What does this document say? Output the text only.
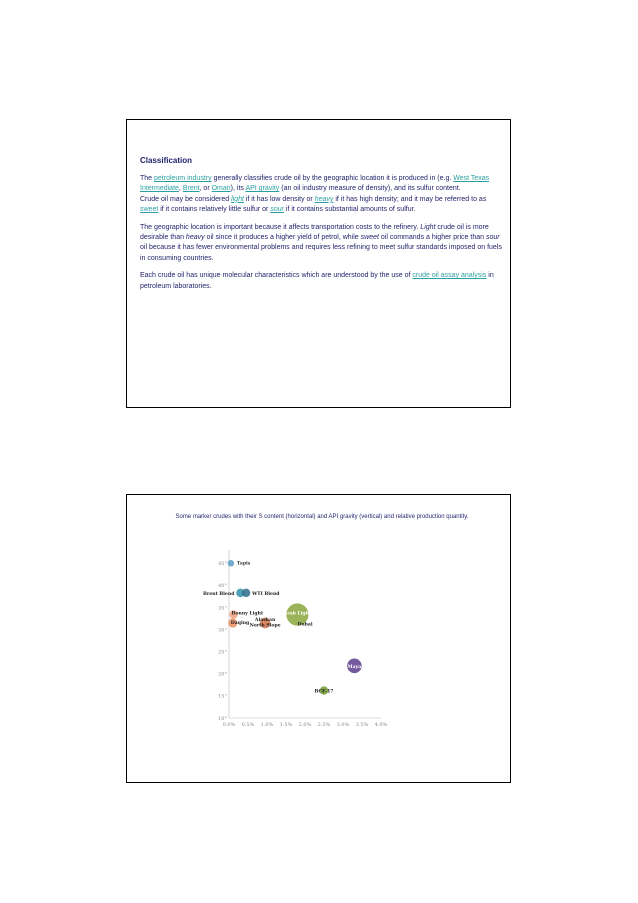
Classification

The petroleum industry generally classifies crude oil by the geographic location it is produced in (e.g. West Texas Intermediate, Brent, or Oman), its API gravity (an oil industry measure of density), and its sulfur content.

Crude oil may be considered light if it has low density or heavy if it has high density; and it may be referred to as sweet if it contains relatively little sulfur or sour if it contains substantial amounts of sulfur.

The geographic location is important because it affects transportation costs to the refinery. Light crude oil is more desirable than heavy oil since it produces a higher yield of petrol, while sweet oil commands a higher price than sour oil because it has fewer environmental problems and requires less refining to meet sulfur standards imposed on fuels in consuming countries.

Each crude oil has unique molecular characteristics which are understood by the use of crude oil assay analysis in petroleum laboratories.

Some marker crudes with their S content (horizontal) and API gravity (vertical) and relative production quantity.
0.0% 0.5% 1.0% 1.5% 2.0% 2.5% 3.0% 3.5% 4.0%
10°
15°
20°
25°
30°
35°
40°
45° Tapis
Brent Blend	WTI Blend
Bonny Light
Daqing
Alaskan
North Slope
Arab Light
Dubai
Maya
BCF-17
